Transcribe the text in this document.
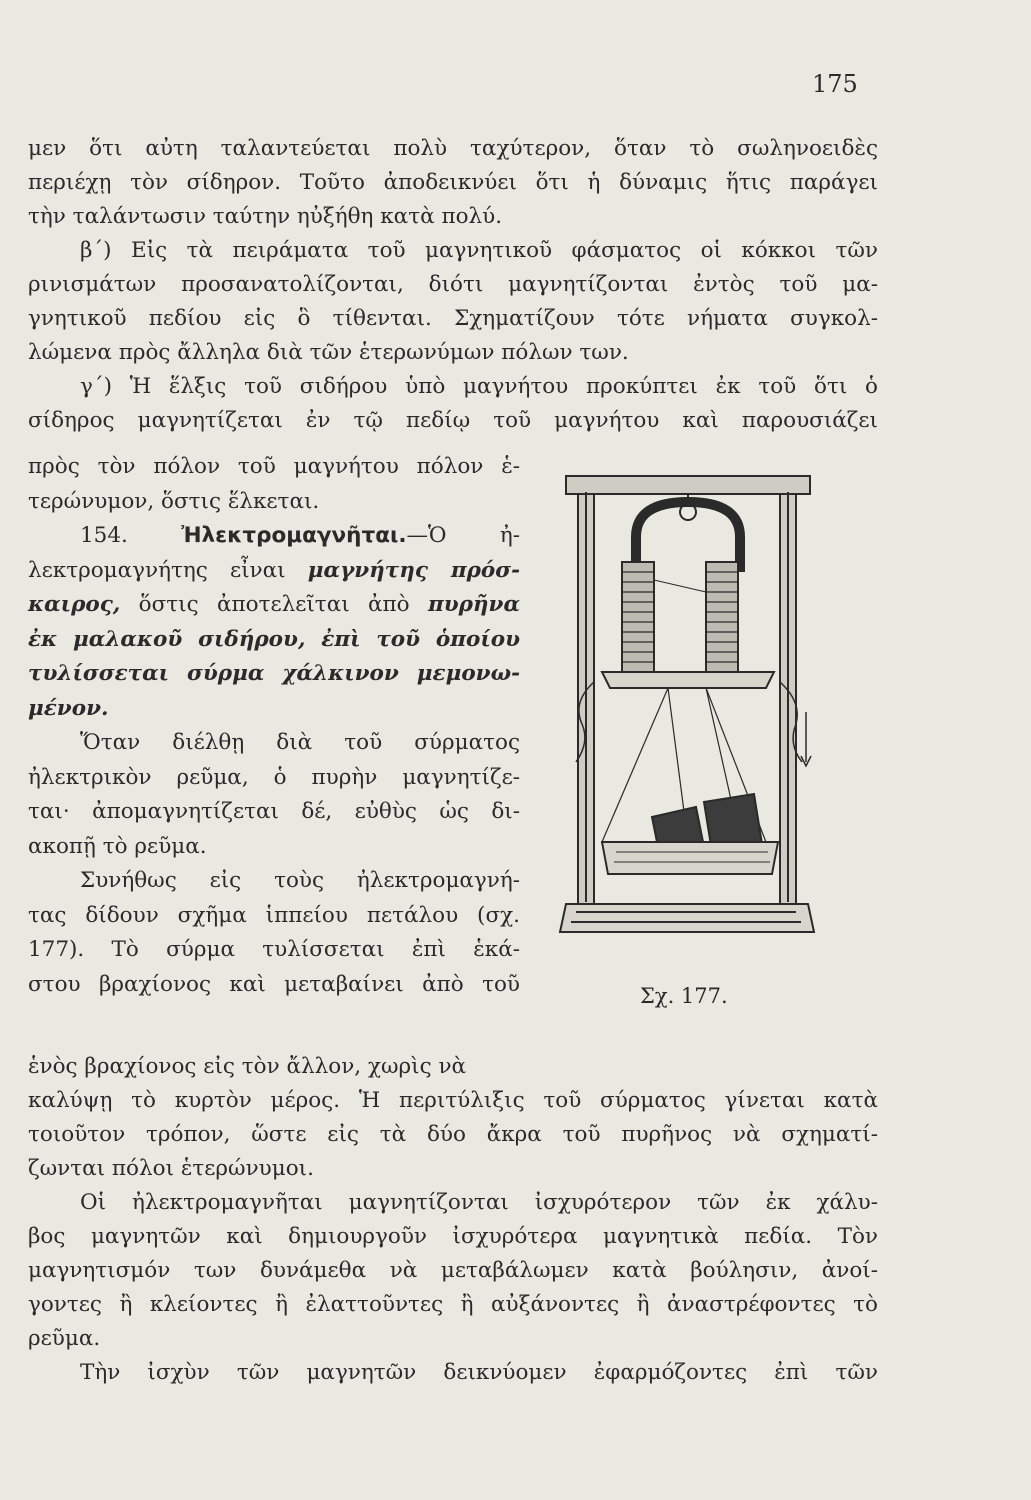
175
μεν ὅτι αὐτη ταλαντεύεται πολὺ ταχύτερον, ὅταν τὸ σωληνοειδὲς
περιέχῃ τὸν σίδηρον. Τοῦτο ἀποδεικνύει ὅτι ἡ δύναμις ἥτις παράγει
τὴν ταλάντωσιν ταύτην ηὐξήθη κατὰ πολύ.
β΄) Εἰς τὰ πειράματα τοῦ μαγνητικοῦ φάσματος οἱ κόκκοι τῶν
ρινισμάτων προσανατολίζονται, διότι μαγνητίζονται ἐντὸς τοῦ μα-
γνητικοῦ πεδίου εἰς ὃ τίθενται. Σχηματίζουν τότε νήματα συγκολ-
λώμενα πρὸς ἄλληλα διὰ τῶν ἑτερωνύμων πόλων των.
γ΄) Ἡ ἕλξις τοῦ σιδήρου ὑπὸ μαγνήτου προκύπτει ἐκ τοῦ ὅτι ὁ
σίδηρος μαγνητίζεται ἐν τῷ πεδίῳ τοῦ μαγνήτου καὶ παρουσιάζει
πρὸς τὸν πόλον τοῦ μαγνήτου πόλον ἑ-
τερώνυμον, ὅστις ἕλκεται.
154. Ἠλεκτρομαγνῆται.—Ὁ ἠ-
λεκτρομαγνήτης εἶναι μαγνήτης πρόσ-
καιρος, ὅστις ἀποτελεῖται ἀπὸ πυρῆνα
ἐκ μαλακοῦ σιδήρου, ἐπὶ τοῦ ὁποίου
τυλίσσεται σύρμα χάλκινον μεμονω-
μένον.
Ὅταν διέλθῃ διὰ τοῦ σύρματος
ἠλεκτρικὸν ρεῦμα, ὁ πυρὴν μαγνητίζε-
ται· ἀπομαγνητίζεται δέ, εὐθὺς ὡς δι-
ακοπῇ τὸ ρεῦμα.
Συνήθως εἰς τοὺς ἠλεκτρομαγνή-
τας δίδουν σχῆμα ἱππείου πετάλου (σχ.
177). Τὸ σύρμα τυλίσσεται ἐπὶ ἑκά-
στου βραχίονος καὶ μεταβαίνει ἀπὸ τοῦ	Σχ. 177.
ἑνὸς βραχίονος εἰς τὸν ἄλλον, χωρὶς νὰ
καλύψῃ τὸ κυρτὸν μέρος. Ἡ περιτύλιξις τοῦ σύρματος γίνεται κατὰ
τοιοῦτον τρόπον, ὥστε εἰς τὰ δύο ἄκρα τοῦ πυρῆνος νὰ σχηματί-
ζωνται πόλοι ἑτερώνυμοι.
Οἱ ἠλεκτρομαγνῆται μαγνητίζονται ἰσχυρότερον τῶν ἐκ χάλυ-
βος μαγνητῶν καὶ δημιουργοῦν ἰσχυρότερα μαγνητικὰ πεδία. Τὸν
μαγνητισμόν των δυνάμεθα νὰ μεταβάλωμεν κατὰ βούλησιν, ἀνοί-
γοντες ἢ κλείοντες ἢ ἐλαττοῦντες ἢ αὐξάνοντες ἢ ἀναστρέφοντες τὸ
ρεῦμα.
Τὴν ἰσχὺν τῶν μαγνητῶν δεικνύομεν ἐφαρμόζοντες ἐπὶ τῶν
